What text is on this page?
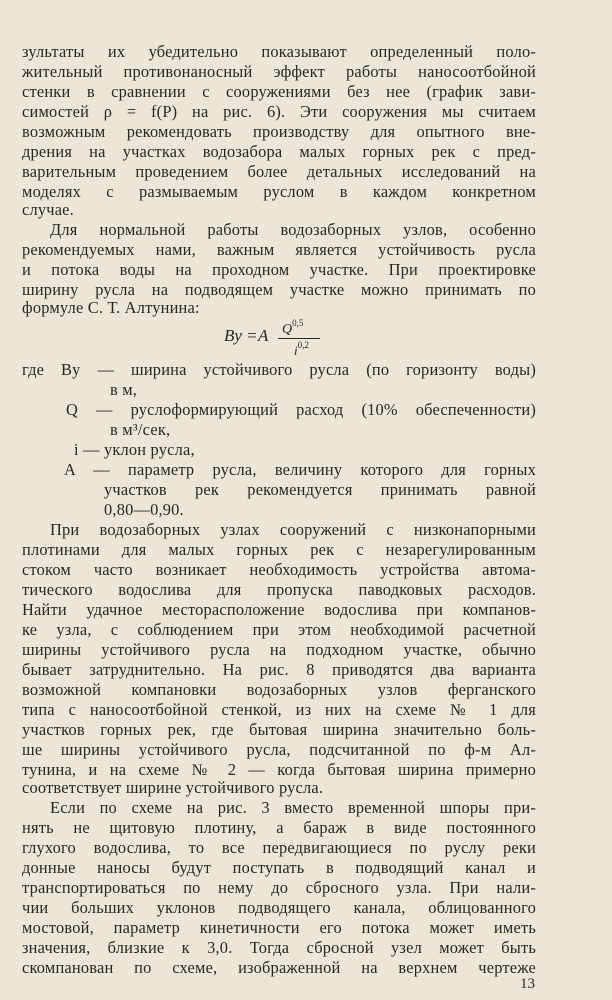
зультаты их убедительно показывают определенный поло-
жительный противонаносный эффект работы наносоотбойной
стенки в сравнении с сооружениями без нее (график зави-
симостей ρ = f(P) на рис. 6). Эти сооружения мы считаем
возможным рекомендовать производству для опытного вне-
дрения на участках водозабора малых горных рек с пред-
варительным проведением более детальных исследований на
моделях с размываемым руслом в каждом конкретном
случае.
Для нормальной работы водозаборных узлов, особенно
рекомендуемых нами, важным является устойчивость русла
и потока воды на проходном участке. При проектировке
ширину русла на подводящем участке можно принимать по
формуле С. Т. Алтунина:
Bу = A Q$^{0,5}$
$i^{0,2}$
где Bу — ширина устойчивого русла (по горизонту воды)
в м,
Q — руслоформирующий расход (10% обеспеченности)
в м³/сек,
i — уклон русла,
A — параметр русла, величину которого для горных
участков рек рекомендуется принимать равной
0,80—0,90.
При водозаборных узлах сооружений с низконапорными
плотинами для малых горных рек с незарегулированным
стоком часто возникает необходимость устройства автома-
тического водослива для пропуска паводковых расходов.
Найти удачное месторасположение водослива при компанов-
ке узла, с соблюдением при этом необходимой расчетной
ширины устойчивого русла на подходном участке, обычно
бывает затруднительно. На рис. 8 приводятся два варианта
возможной компановки водозаборных узлов ферганского
типа с наносоотбойной стенкой, из них на схеме № 1 для
участков горных рек, где бытовая ширина значительно боль-
ше ширины устойчивого русла, подсчитанной по ф-м Ал-
тунина, и на схеме № 2 — когда бытовая ширина примерно
соответствует ширине устойчивого русла.
Если по схеме на рис. 3 вместо временной шпоры при-
нять не щитовую плотину, а бараж в виде постоянного
глухого водослива, то все передвигающиеся по руслу реки
донные наносы будут поступать в подводящий канал и
транспортироваться по нему до сбросного узла. При нали-
чии больших уклонов подводящего канала, облицованного
мостовой, параметр кинетичности его потока может иметь
значения, близкие к 3,0. Тогда сбросной узел может быть
скомпанован по схеме, изображенной на верхнем чертеже
13
